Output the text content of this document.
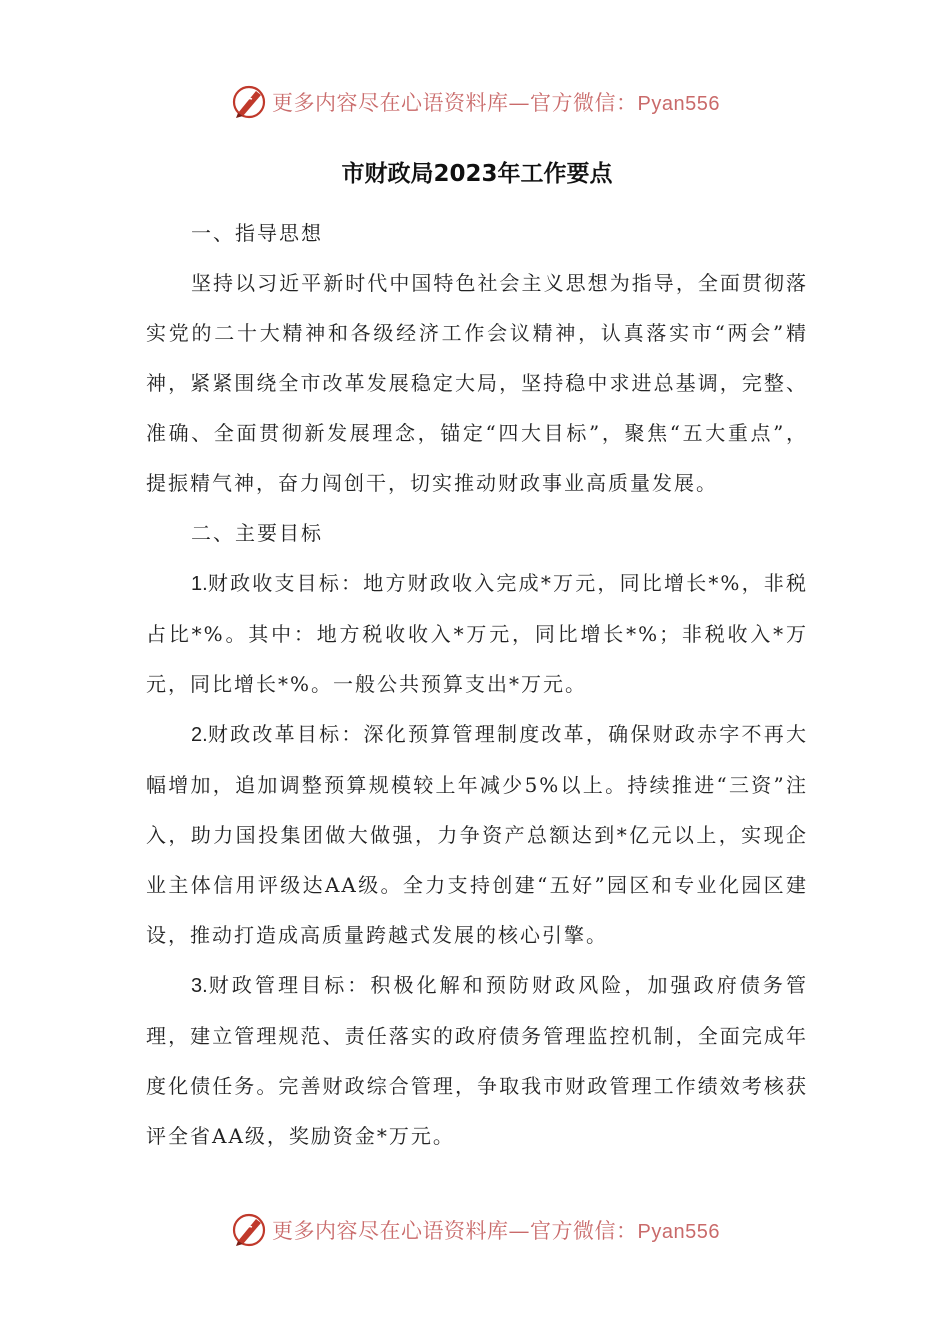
更多内容尽在心语资料库—官方微信：Pyan556
市财政局2023年工作要点

一、指导思想

坚持以习近平新时代中国特色社会主义思想为指导，全面贯彻落实党的二十大精神和各级经济工作会议精神，认真落实市“两会”精神，紧紧围绕全市改革发展稳定大局，坚持稳中求进总基调，完整、准确、全面贯彻新发展理念，锚定“四大目标”，聚焦“五大重点”，提振精气神，奋力闯创干，切实推动财政事业高质量发展。

二、主要目标

1.财政收支目标：地方财政收入完成*万元，同比增长*%，非税占比*%。其中：地方税收收入*万元，同比增长*%；非税收入*万元，同比增长*%。一般公共预算支出*万元。

2.财政改革目标：深化预算管理制度改革，确保财政赤字不再大幅增加，追加调整预算规模较上年减少5%以上。持续推进“三资”注入，助力国投集团做大做强，力争资产总额达到*亿元以上，实现企业主体信用评级达AA级。全力支持创建“五好”园区和专业化园区建设，推动打造成高质量跨越式发展的核心引擎。

3.财政管理目标：积极化解和预防财政风险，加强政府债务管理，建立管理规范、责任落实的政府债务管理监控机制，全面完成年度化债任务。完善财政综合管理，争取我市财政管理工作绩效考核获评全省AA级，奖励资金*万元。

更多内容尽在心语资料库—官方微信：Pyan556
